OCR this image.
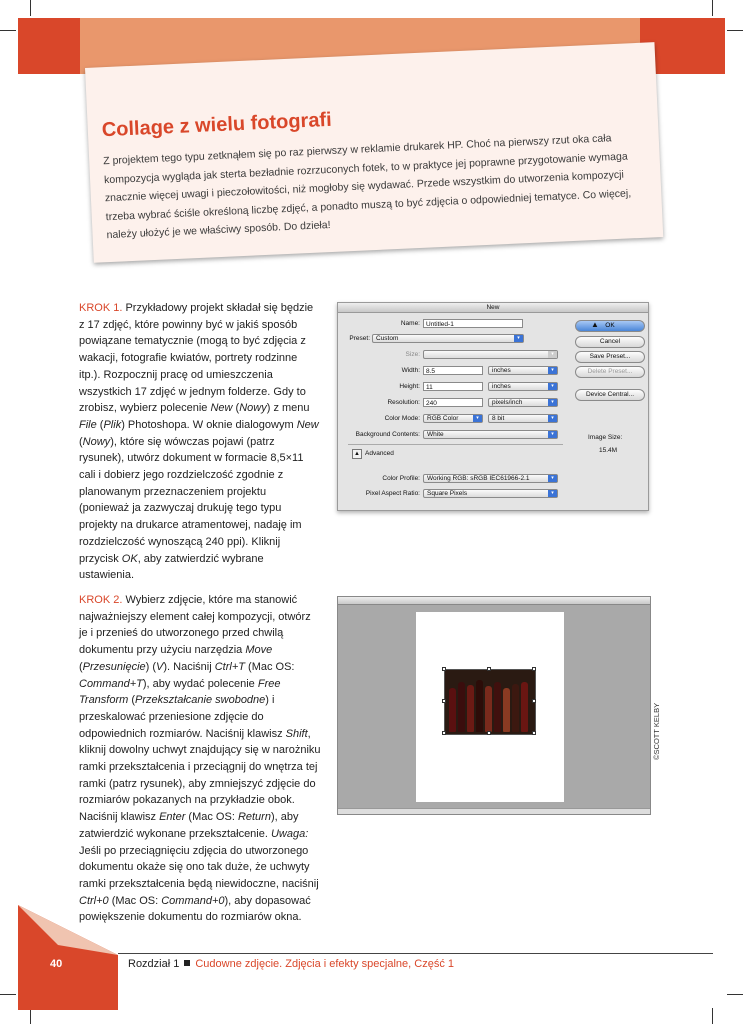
Collage z wielu fotografi

Z projektem tego typu zetknąłem się po raz pierwszy w reklamie drukarek HP. Choć na pierwszy rzut oka cała kompozycja wygląda jak sterta bezładnie rozrzuconych fotek, to w praktyce jej poprawne przygotowanie wymaga znacznie więcej uwagi i pieczołowitości, niż mogłoby się wydawać. Przede wszystkim do utworzenia kompozycji trzeba wybrać ściśle określoną liczbę zdjęć, a ponadto muszą to być zdjęcia o odpowiedniej tematyce. Co więcej, należy ułożyć je we właściwy sposób. Do dzieła!

KROK 1. Przykładowy projekt składał się będzie z 17 zdjęć, które powinny być w jakiś sposób powiązane tematycznie (mogą to być zdjęcia z wakacji, fotografie kwiatów, portrety rodzinne itp.). Rozpocznij pracę od umieszczenia wszystkich 17 zdjęć w jednym folderze. Gdy to zrobisz, wybierz polecenie New (Nowy) z menu File (Plik) Photoshopa. W oknie dialogowym New (Nowy), które się wówczas pojawi (patrz rysunek), utwórz dokument w formacie 8,5×11 cali i dobierz jego rozdzielczość zgodnie z planowanym przeznaczeniem projektu (ponieważ ja zazwyczaj drukuję tego typu projekty na drukarce atramentowej, nadaję im rozdzielczość wynoszącą 240 ppi). Kliknij przycisk OK, aby zatwierdzić wybrane ustawienia.
New
Name: Untitled-1
Preset: Custom	▾
Size:	▾
Width: 8.5	inches	▾
Height: 11	inches	▾
Resolution: 240	pixels/inch	▾
Color Mode:	RGB Color	▾	8 bit	▾
Background Contents:	White	▾
▲ Advanced
Color Profile:	Working RGB: sRGB IEC61966-2.1	▾
Pixel Aspect Ratio:	Square Pixels	▾
OK
Cancel
Save Preset...
Delete Preset...
Device Central...
▲
Image Size:
15.4M
KROK 2. Wybierz zdjęcie, które ma stanowić najważniejszy element całej kompozycji, otwórz je i przenieś do utworzonego przed chwilą dokumentu przy użyciu narzędzia Move (Przesunięcie) (V). Naciśnij Ctrl+T (Mac OS: Command+T), aby wydać polecenie Free Transform (Przekształcanie swobodne) i przeskalować przeniesione zdjęcie do odpowiednich rozmiarów. Naciśnij klawisz Shift, kliknij dowolny uchwyt znajdujący się w narożniku ramki przekształcenia i przeciągnij do wnętrza tej ramki (patrz rysunek), aby zmniejszyć zdjęcie do rozmiarów pokazanych na przykładzie obok. Naciśnij klawisz Enter (Mac OS: Return), aby zatwierdzić wykonane przekształcenie. Uwaga: Jeśli po przeciągnięciu zdjęcia do utworzonego dokumentu okaże się ono tak duże, że uchwyty ramki przekształcenia będą niewidoczne, naciśnij Ctrl+0 (Mac OS: Command+0), aby dopasować powiększenie dokumentu do rozmiarów okna.
©SCOTT KELBY
40	Rozdział 1 Cudowne zdjęcie. Zdjęcia i efekty specjalne, Część 1
